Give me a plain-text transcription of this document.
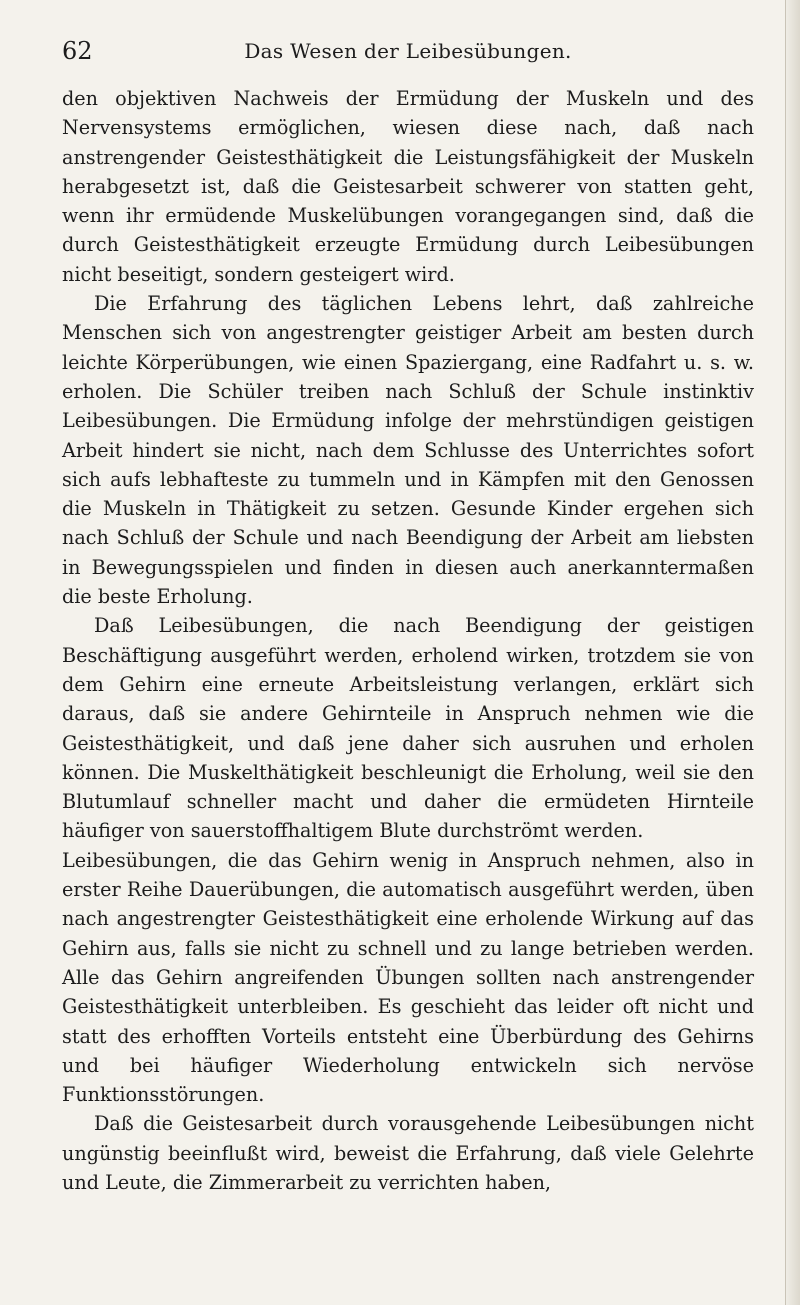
62	Das Wesen der Leibesübungen.

den objektiven Nachweis der Ermüdung der Muskeln und des Nervensystems ermöglichen, wiesen diese nach, daß nach anstrengender Geistesthätigkeit die Leistungsfähigkeit der Muskeln herabgesetzt ist, daß die Geistesarbeit schwerer von statten geht, wenn ihr ermüdende Muskelübungen vorangegangen sind, daß die durch Geistesthätigkeit erzeugte Ermüdung durch Leibesübungen nicht beseitigt, sondern gesteigert wird.

Die Erfahrung des täglichen Lebens lehrt, daß zahlreiche Menschen sich von angestrengter geistiger Arbeit am besten durch leichte Körperübungen, wie einen Spaziergang, eine Radfahrt u. s. w. erholen. Die Schüler treiben nach Schluß der Schule instinktiv Leibesübungen. Die Ermüdung infolge der mehrstündigen geistigen Arbeit hindert sie nicht, nach dem Schlusse des Unterrichtes sofort sich aufs lebhafteste zu tummeln und in Kämpfen mit den Genossen die Muskeln in Thätigkeit zu setzen. Gesunde Kinder ergehen sich nach Schluß der Schule und nach Beendigung der Arbeit am liebsten in Bewegungsspielen und finden in diesen auch anerkanntermaßen die beste Erholung.

Daß Leibesübungen, die nach Beendigung der geistigen Beschäftigung ausgeführt werden, erholend wirken, trotzdem sie von dem Gehirn eine erneute Arbeitsleistung verlangen, erklärt sich daraus, daß sie andere Gehirnteile in Anspruch nehmen wie die Geistesthätigkeit, und daß jene daher sich ausruhen und erholen können. Die Muskelthätigkeit beschleunigt die Erholung, weil sie den Blutumlauf schneller macht und daher die ermüdeten Hirnteile häufiger von sauerstoffhaltigem Blute durchströmt werden.

Leibesübungen, die das Gehirn wenig in Anspruch nehmen, also in erster Reihe Dauerübungen, die automatisch ausgeführt werden, üben nach angestrengter Geistesthätigkeit eine erholende Wirkung auf das Gehirn aus, falls sie nicht zu schnell und zu lange betrieben werden. Alle das Gehirn angreifenden Übungen sollten nach anstrengender Geistesthätigkeit unterbleiben. Es geschieht das leider oft nicht und statt des erhofften Vorteils entsteht eine Überbürdung des Gehirns und bei häufiger Wiederholung entwickeln sich nervöse Funktionsstörungen.

Daß die Geistesarbeit durch vorausgehende Leibesübungen nicht ungünstig beeinflußt wird, beweist die Erfahrung, daß viele Gelehrte und Leute, die Zimmerarbeit zu verrichten haben,
